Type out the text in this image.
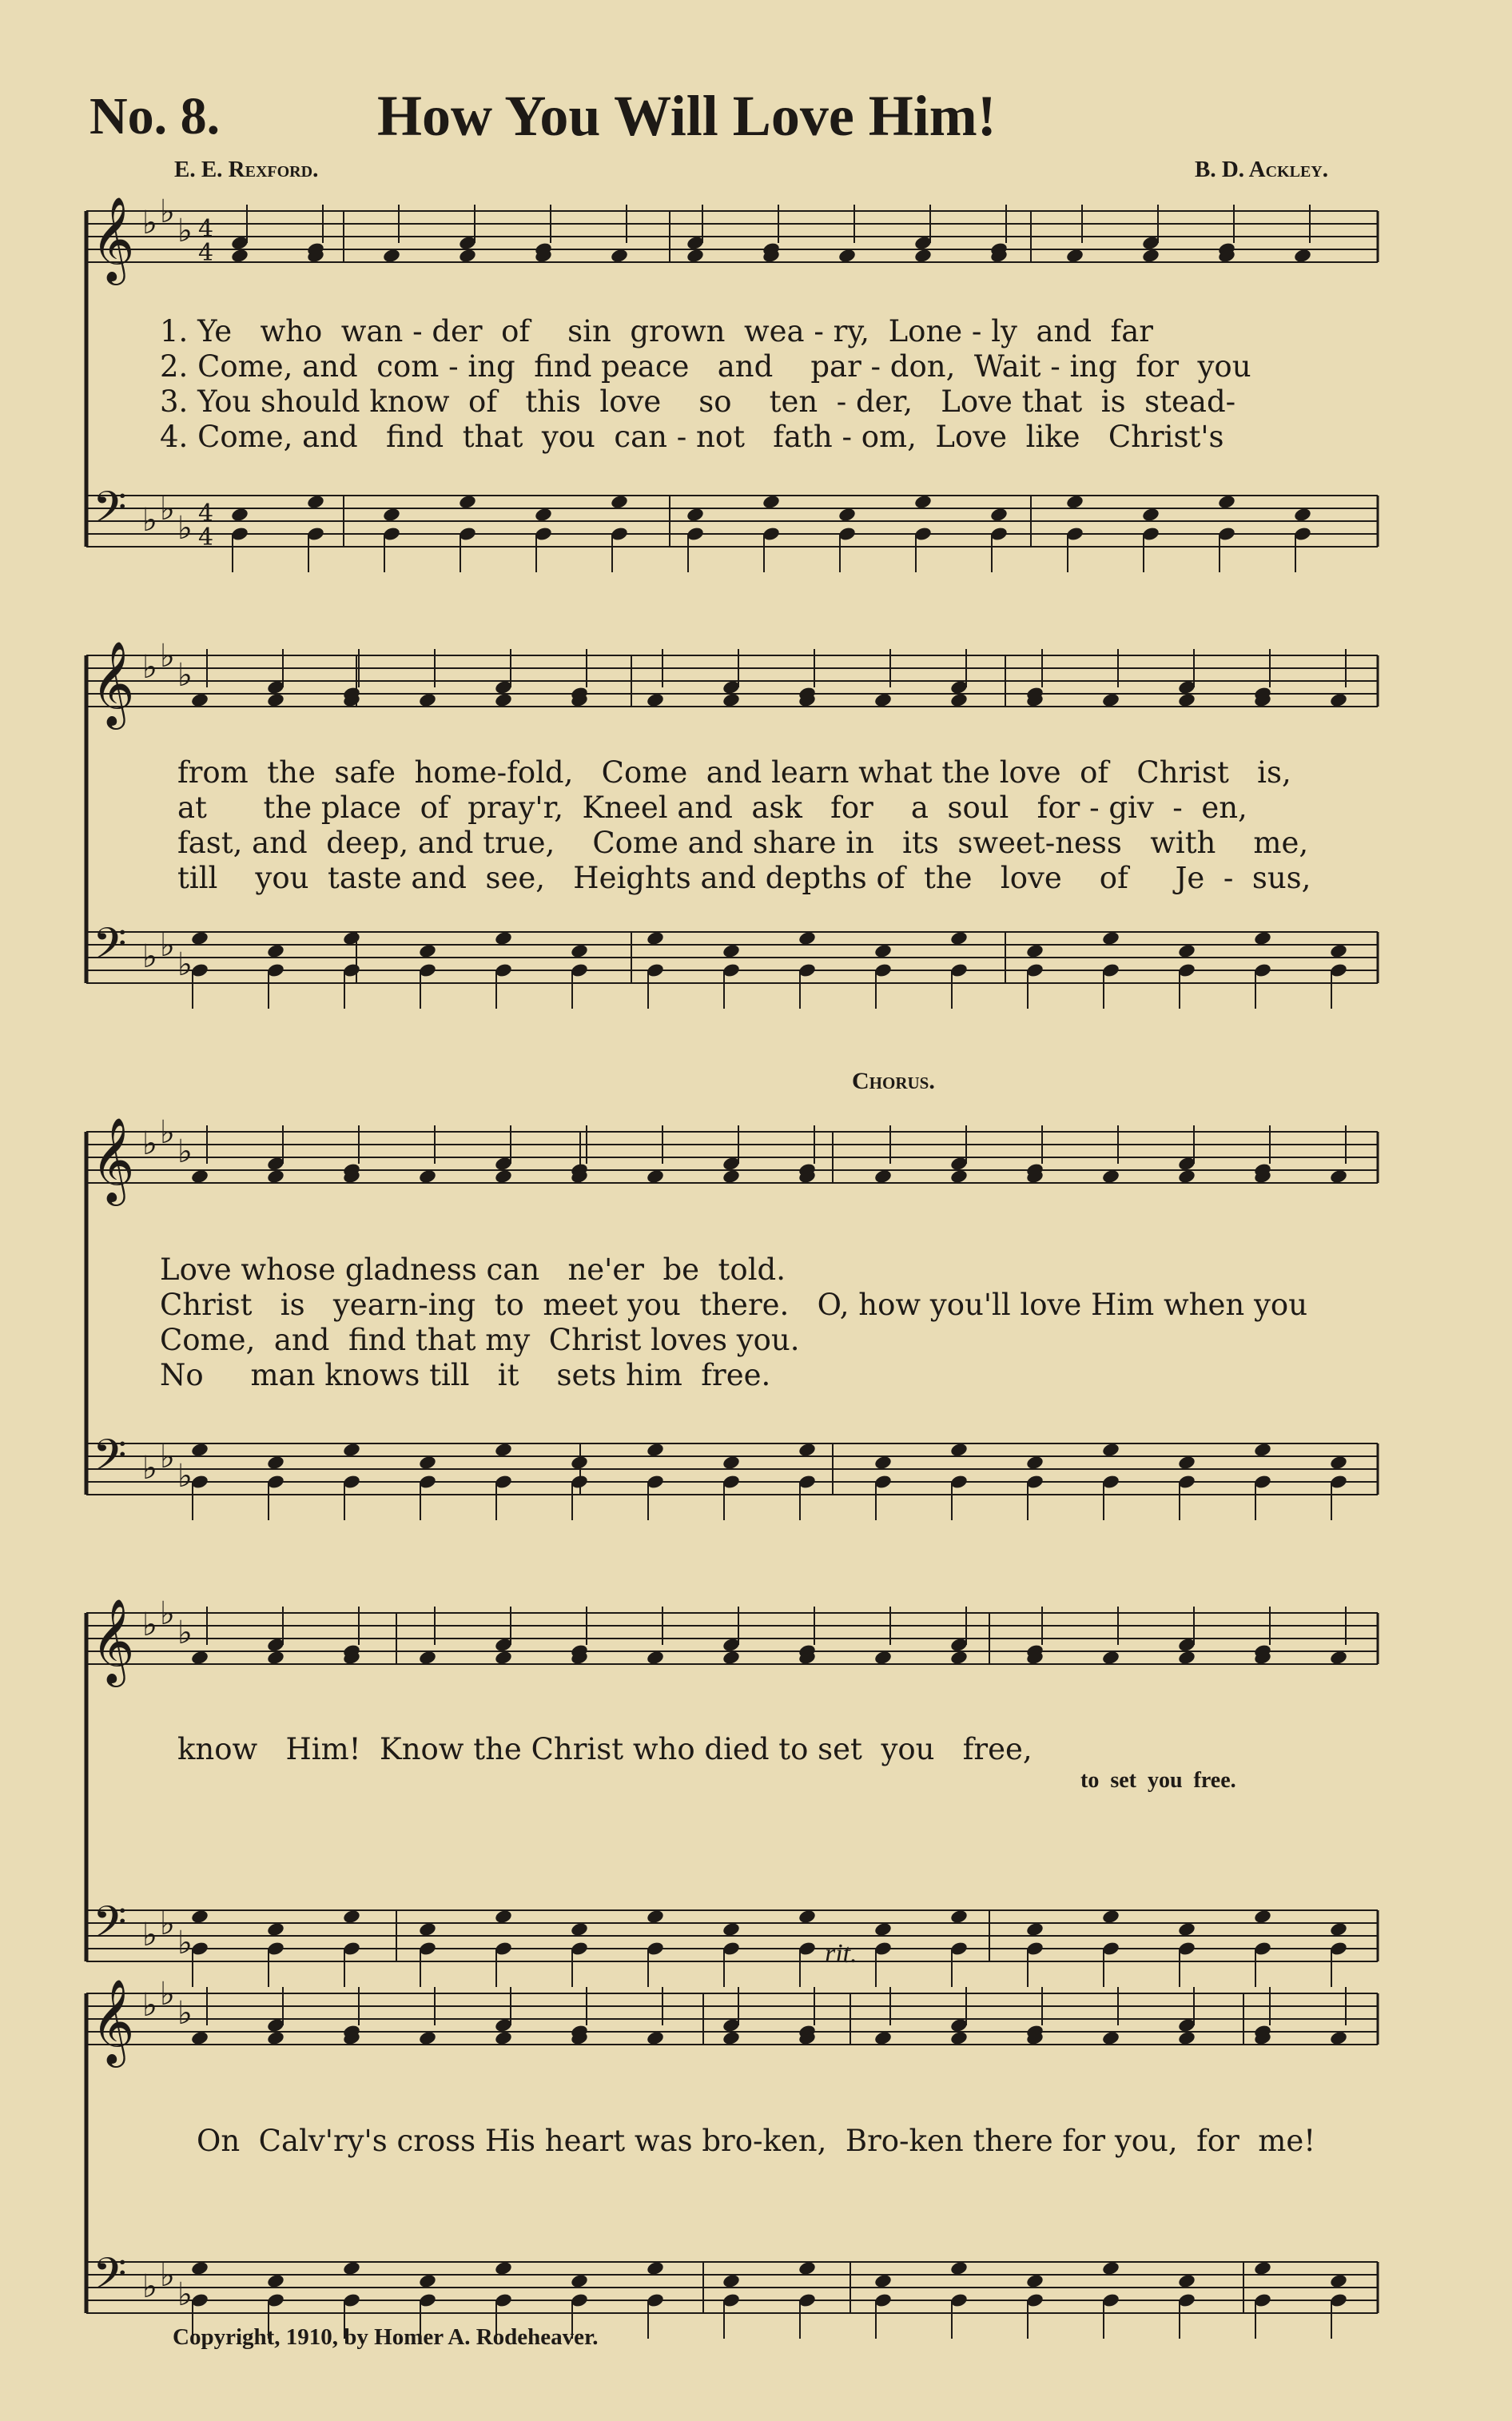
No. 8.	How You Will Love Him!
E. E. Rexford.	B. D. Ackley.
𝄞
𝄢
♭
♭
♭
♭
♭
♭
4
4
4
4
𝄞
𝄢
♭
♭
♭
♭
♭
♭
𝄞
𝄢
♭
♭
♭
♭
♭
♭
𝄞
𝄢
♭
♭
♭
♭
♭
♭
𝄞
𝄢
♭
♭
♭
♭
♭
♭
1. Ye   who  wan - der  of    sin  grown  wea - ry,  Lone - ly  and  far
2. Come, and  com - ing  find peace   and    par - don,  Wait - ing  for  you
3. You should know  of   this  love    so    ten  - der,   Love that  is  stead-
4. Come, and   find  that  you  can - not   fath - om,  Love  like   Christ's
from  the  safe  home-fold,   Come  and learn what the love  of   Christ   is,
at      the place  of  pray'r,  Kneel and  ask   for    a  soul   for - giv  -  en,
fast, and  deep, and true,    Come and share in   its  sweet-ness   with    me,
till    you  taste and  see,   Heights and depths of  the   love    of     Je  -  sus,
Chorus.
Love whose gladness can   ne'er  be  told.
Christ   is   yearn-ing  to  meet you  there.   O, how you'll love Him when you
Come,  and  find that my  Christ loves you.
No     man knows till   it    sets him  free.
know   Him!  Know the Christ who died to set  you   free,
to  set  you  free.
rit.
On  Calv'ry's cross His heart was bro-ken,  Bro-ken there for you,  for  me!
Copyright, 1910, by Homer A. Rodeheaver.
